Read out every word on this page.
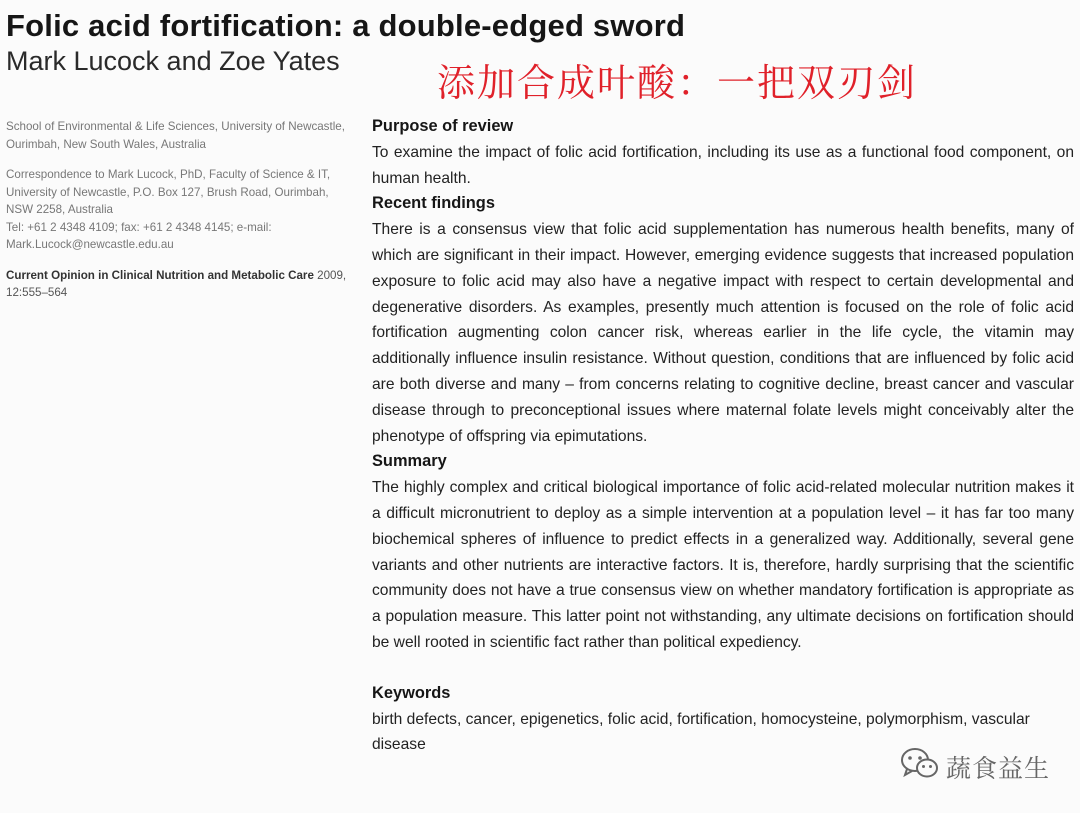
Folic acid fortification: a double-edged sword
Mark Lucock and Zoe Yates	添加合成叶酸：一把双刃剑

School of Environmental & Life Sciences, University of Newcastle, Ourimbah, New South Wales, Australia

Correspondence to Mark Lucock, PhD, Faculty of Science & IT, University of Newcastle, P.O. Box 127, Brush Road, Ourimbah, NSW 2258, Australia
Tel: +61 2 4348 4109; fax: +61 2 4348 4145; e-mail: Mark.Lucock@newcastle.edu.au

Current Opinion in Clinical Nutrition and Metabolic Care 2009, 12:555–564

Purpose of review

To examine the impact of folic acid fortification, including its use as a functional food component, on human health.

Recent findings

There is a consensus view that folic acid supplementation has numerous health benefits, many of which are significant in their impact. However, emerging evidence suggests that increased population exposure to folic acid may also have a negative impact with respect to certain developmental and degenerative disorders. As examples, presently much attention is focused on the role of folic acid fortification augmenting colon cancer risk, whereas earlier in the life cycle, the vitamin may additionally influence insulin resistance. Without question, conditions that are influenced by folic acid are both diverse and many – from concerns relating to cognitive decline, breast cancer and vascular disease through to preconceptional issues where maternal folate levels might conceivably alter the phenotype of offspring via epimutations.

Summary

The highly complex and critical biological importance of folic acid-related molecular nutrition makes it a difficult micronutrient to deploy as a simple intervention at a population level – it has far too many biochemical spheres of influence to predict effects in a generalized way. Additionally, several gene variants and other nutrients are interactive factors. It is, therefore, hardly surprising that the scientific community does not have a true consensus view on whether mandatory fortification is appropriate as a population measure. This latter point not withstanding, any ultimate decisions on fortification should be well rooted in scientific fact rather than political expediency.

Keywords

birth defects, cancer, epigenetics, folic acid, fortification, homocysteine, polymorphism, vascular disease

蔬食益生
